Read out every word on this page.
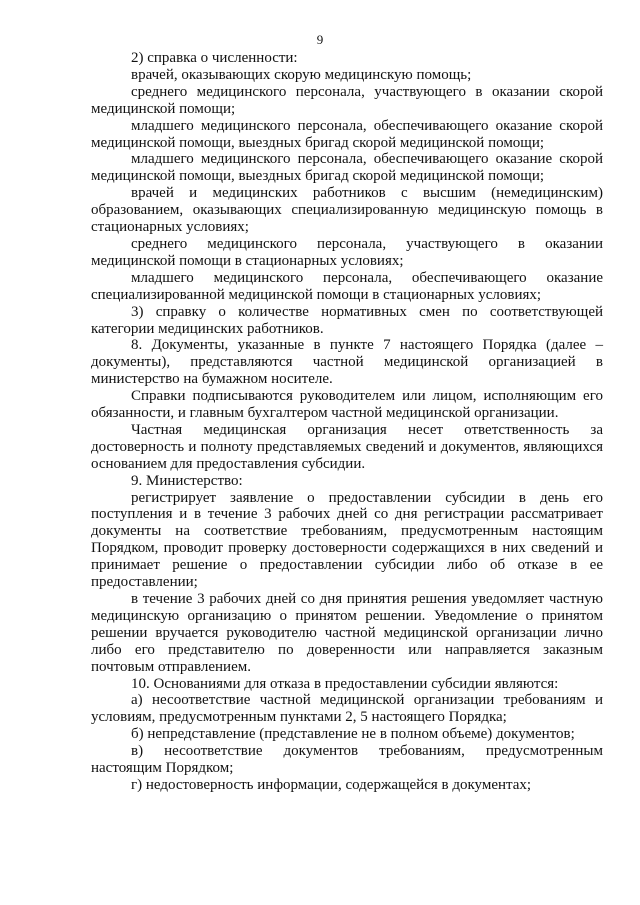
9

2) справка о численности:

врачей, оказывающих скорую медицинскую помощь;

среднего медицинского персонала, участвующего в оказании скорой медицинской помощи;

младшего медицинского персонала, обеспечивающего оказание скорой медицинской помощи, выездных бригад скорой медицинской помощи;

младшего медицинского персонала, обеспечивающего оказание скорой медицинской помощи, выездных бригад скорой медицинской помощи;

врачей и медицинских работников с высшим (немедицинским) образованием, оказывающих специализированную медицинскую помощь в стационарных условиях;

среднего медицинского персонала, участвующего в оказании медицинской помощи в стационарных условиях;

младшего медицинского персонала, обеспечивающего оказание специализированной медицинской помощи в стационарных условиях;

3) справку о количестве нормативных смен по соответствующей категории медицинских работников.

8. Документы, указанные в пункте 7 настоящего Порядка (далее – документы), представляются частной медицинской организацией в министерство на бумажном носителе.

Справки подписываются руководителем или лицом, исполняющим его обязанности, и главным бухгалтером частной медицинской организации.

Частная медицинская организация несет ответственность за достоверность и полноту представляемых сведений и документов, являющихся основанием для предоставления субсидии.

9. Министерство:

регистрирует заявление о предоставлении субсидии в день его поступления и в течение 3 рабочих дней со дня регистрации рассматривает документы на соответствие требованиям, предусмотренным настоящим Порядком, проводит проверку достоверности содержащихся в них сведений и принимает решение о предоставлении субсидии либо об отказе в ее предоставлении;

в течение 3 рабочих дней со дня принятия решения уведомляет частную медицинскую организацию о принятом решении. Уведомление о принятом решении вручается руководителю частной медицинской организации лично либо его представителю по доверенности или направляется заказным почтовым отправлением.

10. Основаниями для отказа в предоставлении субсидии являются:

а) несоответствие частной медицинской организации требованиям и условиям, предусмотренным пунктами 2, 5 настоящего Порядка;

б) непредставление (представление не в полном объеме) документов;

в) несоответствие документов требованиям, предусмотренным настоящим Порядком;

г) недостоверность информации, содержащейся в документах;
